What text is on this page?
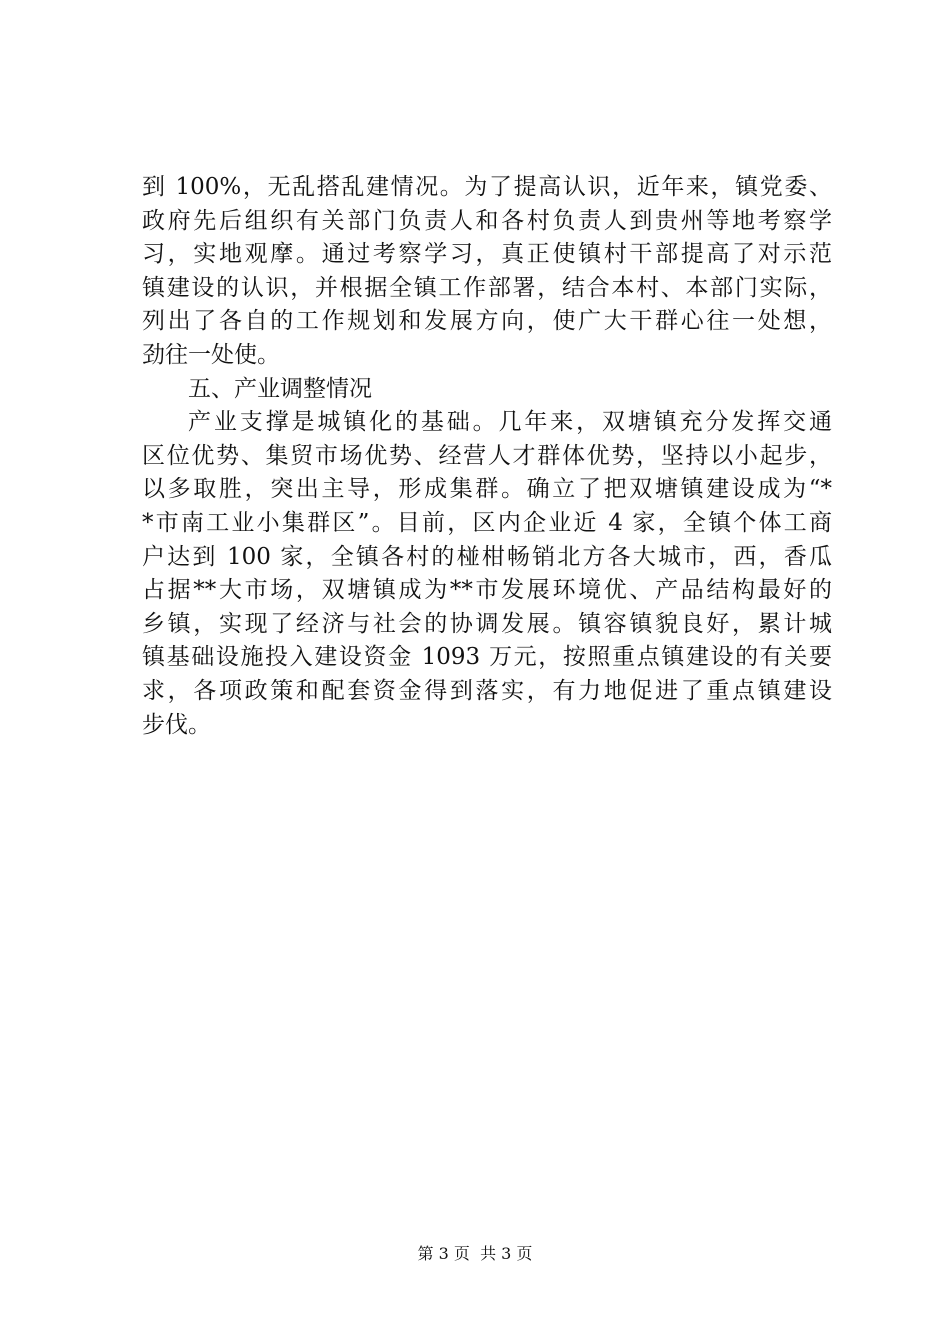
到 100%，无乱搭乱建情况。为了提高认识，近年来，镇党委、
政府先后组织有关部门负责人和各村负责人到贵州等地考察学
习，实地观摩。通过考察学习，真正使镇村干部提高了对示范
镇建设的认识，并根据全镇工作部署，结合本村、本部门实际，
列出了各自的工作规划和发展方向，使广大干群心往一处想，
劲往一处使。
五、产业调整情况
产业支撑是城镇化的基础。几年来，双塘镇充分发挥交通
区位优势、集贸市场优势、经营人才群体优势，坚持以小起步，
以多取胜，突出主导，形成集群。确立了把双塘镇建设成为“*
*市南工业小集群区”。目前，区内企业近 4 家，全镇个体工商
户达到 100 家，全镇各村的椪柑畅销北方各大城市，西，香瓜
占据**大市场，双塘镇成为**市发展环境优、产品结构最好的
乡镇，实现了经济与社会的协调发展。镇容镇貌良好，累计城
镇基础设施投入建设资金 1093 万元，按照重点镇建设的有关要
求，各项政策和配套资金得到落实，有力地促进了重点镇建设
步伐。
第 3 页  共 3 页
